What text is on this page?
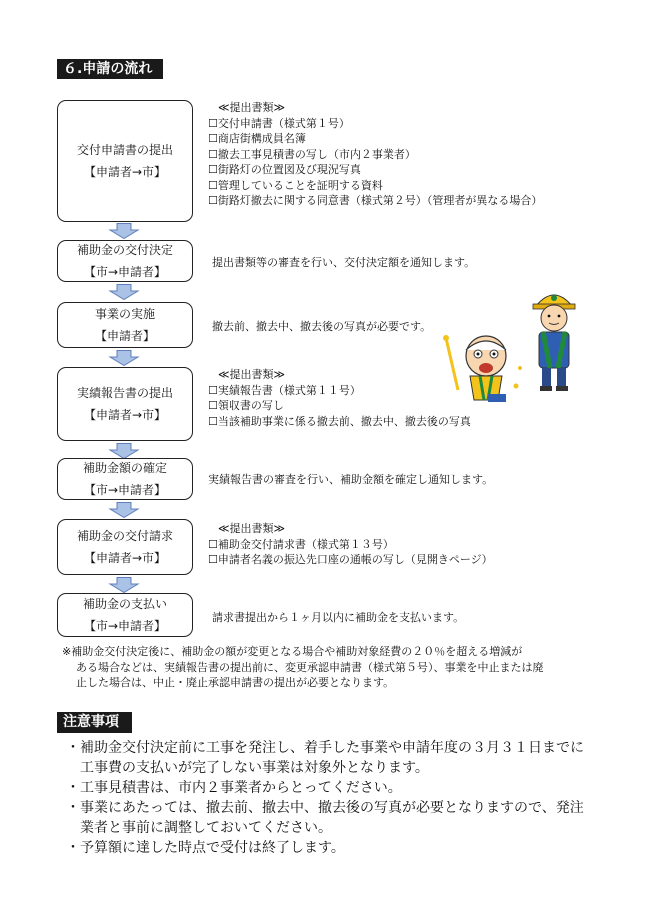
６.申請の流れ
交付申請書の提出
【申請者→市】
補助金の交付決定
【市→申請者】
事業の実施
【申請者】
実績報告書の提出
【申請者→市】
補助金額の確定
【市→申請者】
補助金の交付請求
【申請者→市】
補助金の支払い
【市→申請者】
≪提出書類≫
☐交付申請書（様式第１号）
☐商店街構成員名簿
☐撤去工事見積書の写し（市内２事業者）
☐街路灯の位置図及び現況写真
☐管理していることを証明する資料
☐街路灯撤去に関する同意書（様式第２号）（管理者が異なる場合）
≪提出書類≫
☐実績報告書（様式第１１号）
☐領収書の写し
☐当該補助事業に係る撤去前、撤去中、撤去後の写真
≪提出書類≫
☐補助金交付請求書（様式第１３号）
☐申請者名義の振込先口座の通帳の写し（見開きページ）
提出書類等の審査を行い、交付決定額を通知します。
撤去前、撤去中、撤去後の写真が必要です。
実績報告書の審査を行い、補助金額を確定し通知します。
請求書提出から１ヶ月以内に補助金を支払います。
※補助金交付決定後に、補助金の額が変更となる場合や補助対象経費の２０％を超える増減が
ある場合などは、実績報告書の提出前に、変更承認申請書（様式第５号）、事業を中止または廃
止した場合は、中止・廃止承認申請書の提出が必要となります。
注意事項
・補助金交付決定前に工事を発注し、着手した事業や申請年度の３月３１日までに
工事費の支払いが完了しない事業は対象外となります。
・工事見積書は、市内２事業者からとってください。
・事業にあたっては、撤去前、撤去中、撤去後の写真が必要となりますので、発注
業者と事前に調整しておいてください。
・予算額に達した時点で受付は終了します。
